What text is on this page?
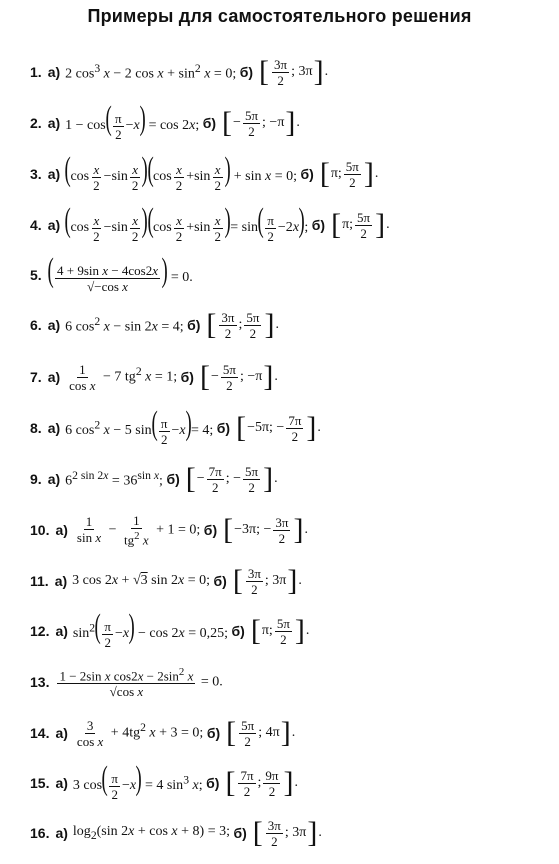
Примеры для самостоятельного решения
1. а) 2 $\cos^3 x - 2$ $\cos x + \sin^2 x = 0$; б) [ $\frac{3\pi}{2}$ ; 3π ] .
2. а) $1 - \cos( \frac{\pi}{2} -x) = \cos 2x$; б) [ − $\frac{5\pi}{2}$ ; −π ] .
3. а) $(\cos \frac{x}{2} -\sin \frac{x}{2} )(\cos \frac{x}{2} +\sin \frac{x}{2}$ ) + sin x = 0; б) [ π; $\frac{5\pi}{2}$ ] .
4. а) $(\cos \frac{x}{2} -\sin \frac{x}{2} )(\cos \frac{x}{2} +\sin \frac{x}{2}$ )= $\sin( \frac{\pi}{2} -2x)$; б) [ π; $\frac{5\pi}{2}$ ] .
5. ( $\frac{\text{4 + 9sin x − 4cos2x}}{\text{√−cos x}}$ ) = 0.
6. а) 6 $\cos^2 x - \sin 2x = 4$; б) [ $\frac{3\pi}{2}$ ; $\frac{5\pi}{2}$ ] .
7. $а) \frac{1}{\text{cos x}} - 7$ $tg^2$ x = 1; б) [ − $\frac{5\pi}{2}$ ; −π ] .
8. а) 6 $\cos^2 x - 5$ $\sin( \frac{\pi}{2} -x)= 4$; б) [ −5π; − $\frac{7\pi}{2}$ ] .
9. а) $6^{2 sin 2x} = 36^{sin x}$; б) [ − $\frac{7\pi}{2}$ ; − $\frac{5\pi}{2}$ ] .
10. $а) \frac{1}{\text{sin x}} - \frac{1}{tg^2 x} + 1 = 0$; б) [ −3π; − $\frac{3\pi}{2}$ ] .
11. а) 3 cos 2x + √3 sin 2x = 0; б) [ $\frac{3\pi}{2}$ ; 3π ] .
12. а) $\sin^2( \frac{\pi}{2} -x) - \cos 2x = 0,25$; б) [ π; $\frac{5\pi}{2}$ ] .
13. $\frac{1 - 2\sin x \cos 2x - 2\sin^2 x}{\text{√cos x}} = 0$.
14. $а) \frac{3}{\text{cos x}} + 4tg^2$ x + 3 = 0; б) [ $\frac{5\pi}{2}$ ; 4π ] .
15. а) 3 $\cos( \frac{\pi}{2} -x) = 4$ $\sin^3 x$; б) [ $\frac{7\pi}{2}$ ; $\frac{9\pi}{2}$ ] .
16. а) $\log_2(\sin$ 2x + cos x + 8) = 3; б) [ $\frac{3\pi}{2}$ ; 3π ] .
